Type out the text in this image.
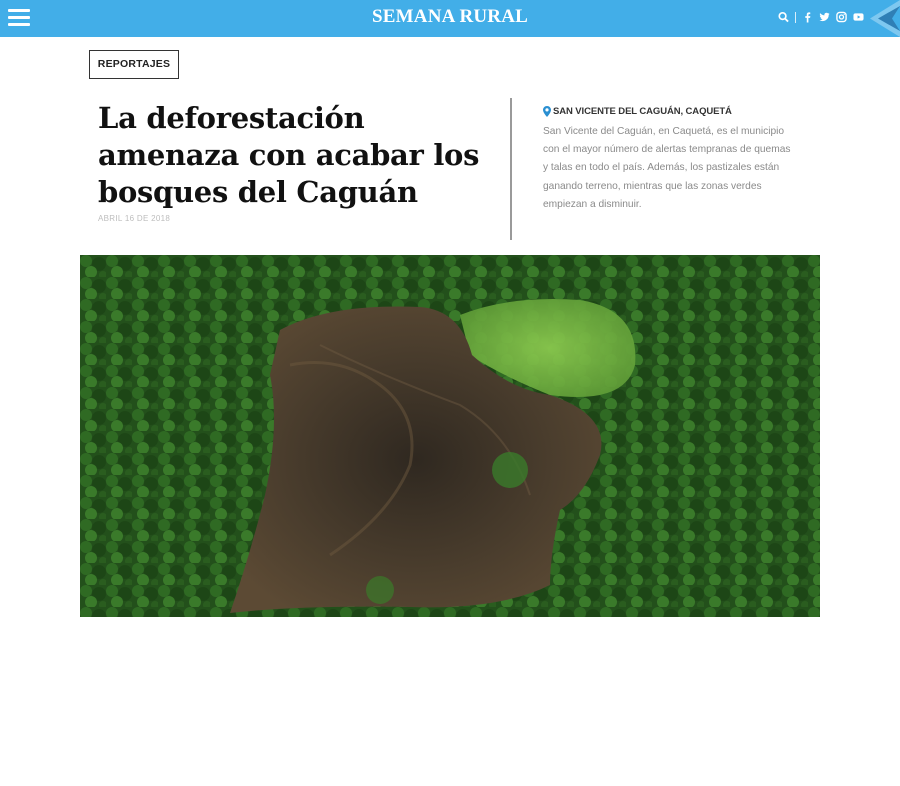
SEMANA RURAL
REPORTAJES
La deforestación amenaza con acabar los bosques del Caguán
ABRIL 16 DE 2018
SAN VICENTE DEL CAGUÁN, CAQUETÁ

San Vicente del Caguán, en Caquetá, es el municipio con el mayor número de alertas tempranas de quemas y talas en todo el país. Además, los pastizales están ganando terreno, mientras que las zonas verdes empiezan a disminuir.
